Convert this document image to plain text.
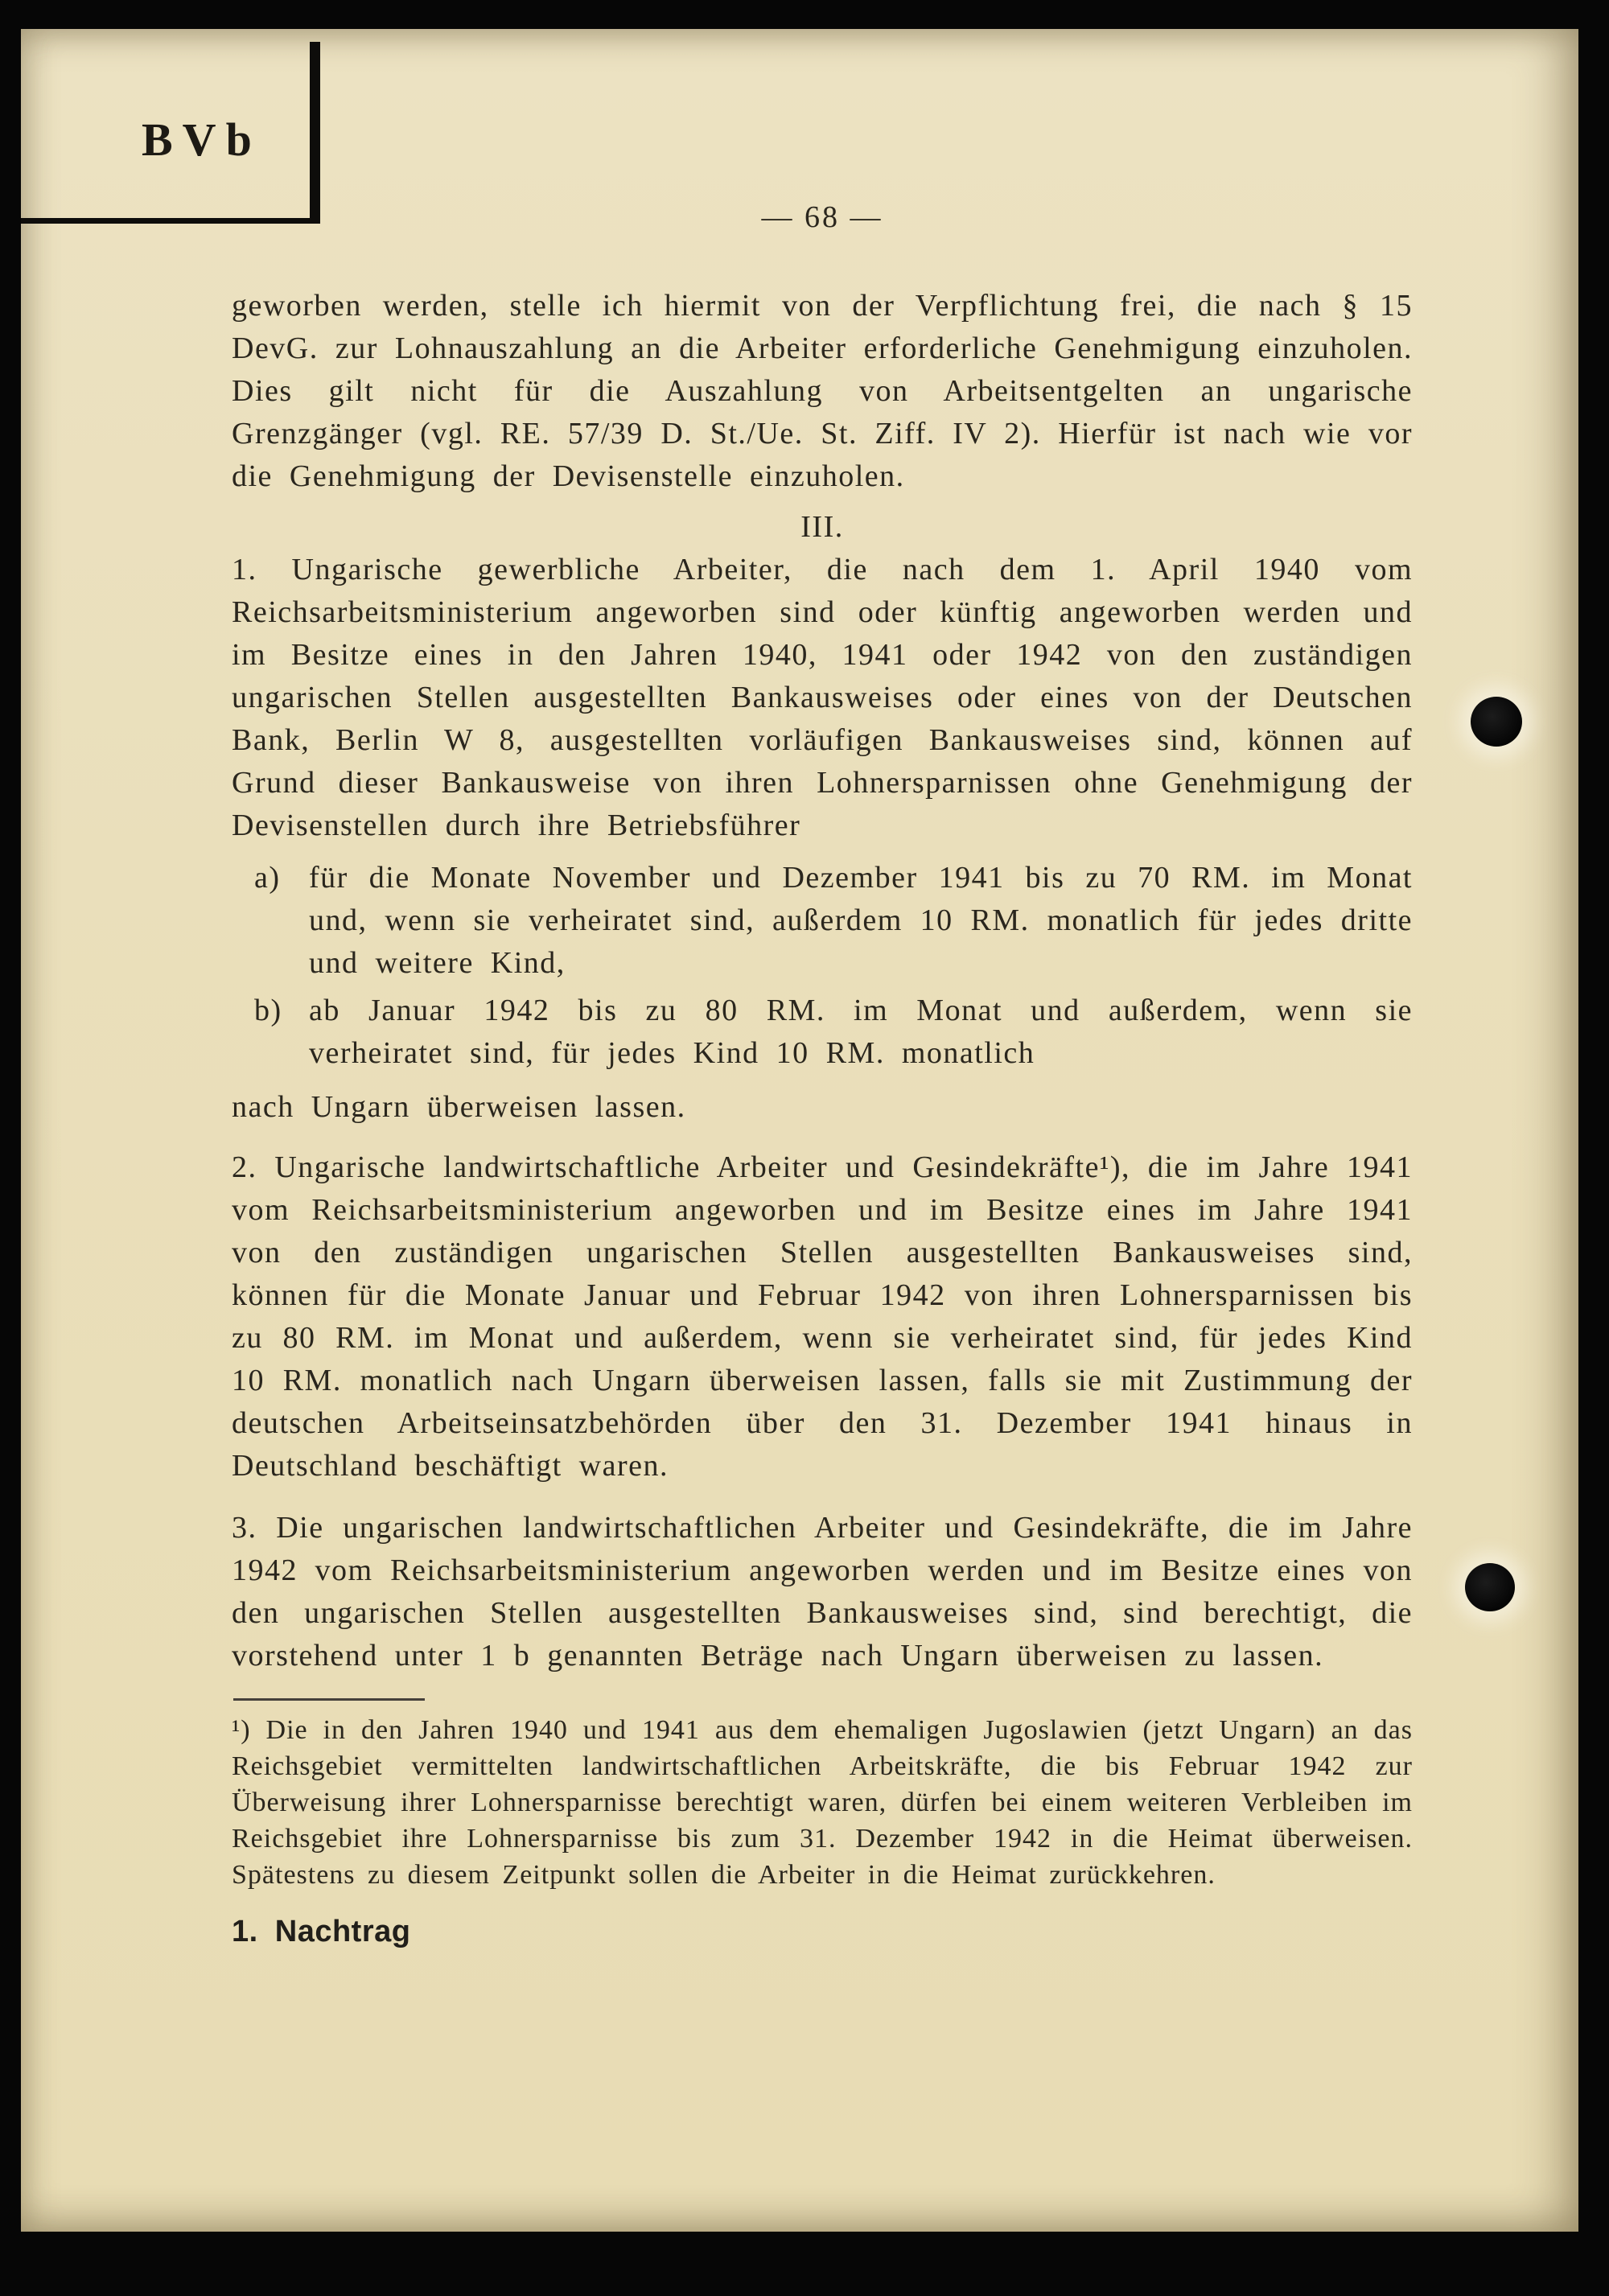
BVb
— 68 —

geworben werden, stelle ich hiermit von der Verpflichtung frei, die nach § 15 DevG. zur Lohnauszahlung an die Arbeiter erforderliche Genehmigung einzuholen. Dies gilt nicht für die Auszahlung von Arbeitsentgelten an ungarische Grenzgänger (vgl. RE. 57/39 D. St./Ue. St. Ziff. IV 2). Hierfür ist nach wie vor die Genehmigung der Devisenstelle einzuholen.

III.

1. Ungarische gewerbliche Arbeiter, die nach dem 1. April 1940 vom Reichsarbeitsministerium angeworben sind oder künftig angeworben werden und im Besitze eines in den Jahren 1940, 1941 oder 1942 von den zuständigen ungarischen Stellen ausgestellten Bankausweises oder eines von der Deutschen Bank, Berlin W 8, ausgestellten vorläufigen Bankausweises sind, können auf Grund dieser Bankausweise von ihren Lohnersparnissen ohne Genehmigung der Devisenstellen durch ihre Betriebsführer

a) für die Monate November und Dezember 1941 bis zu 70 RM. im Monat und, wenn sie verheiratet sind, außerdem 10 RM. monatlich für jedes dritte und weitere Kind,

b) ab Januar 1942 bis zu 80 RM. im Monat und außerdem, wenn sie verheiratet sind, für jedes Kind 10 RM. monatlich

nach Ungarn überweisen lassen.

2. Ungarische landwirtschaftliche Arbeiter und Gesindekräfte¹), die im Jahre 1941 vom Reichsarbeitsministerium angeworben und im Besitze eines im Jahre 1941 von den zuständigen ungarischen Stellen ausgestellten Bankausweises sind, können für die Monate Januar und Februar 1942 von ihren Lohnersparnissen bis zu 80 RM. im Monat und außerdem, wenn sie verheiratet sind, für jedes Kind 10 RM. monatlich nach Ungarn überweisen lassen, falls sie mit Zustimmung der deutschen Arbeitseinsatzbehörden über den 31. Dezember 1941 hinaus in Deutschland beschäftigt waren.

3. Die ungarischen landwirtschaftlichen Arbeiter und Gesindekräfte, die im Jahre 1942 vom Reichsarbeitsministerium angeworben werden und im Besitze eines von den ungarischen Stellen ausgestellten Bankausweises sind, sind berechtigt, die vorstehend unter 1 b genannten Beträge nach Ungarn überweisen zu lassen.

¹) Die in den Jahren 1940 und 1941 aus dem ehemaligen Jugoslawien (jetzt Ungarn) an das Reichsgebiet vermittelten landwirtschaftlichen Arbeitskräfte, die bis Februar 1942 zur Überweisung ihrer Lohnersparnisse berechtigt waren, dürfen bei einem weiteren Verbleiben im Reichsgebiet ihre Lohnersparnisse bis zum 31. Dezember 1942 in die Heimat überweisen. Spätestens zu diesem Zeitpunkt sollen die Arbeiter in die Heimat zurückkehren.

1. Nachtrag
